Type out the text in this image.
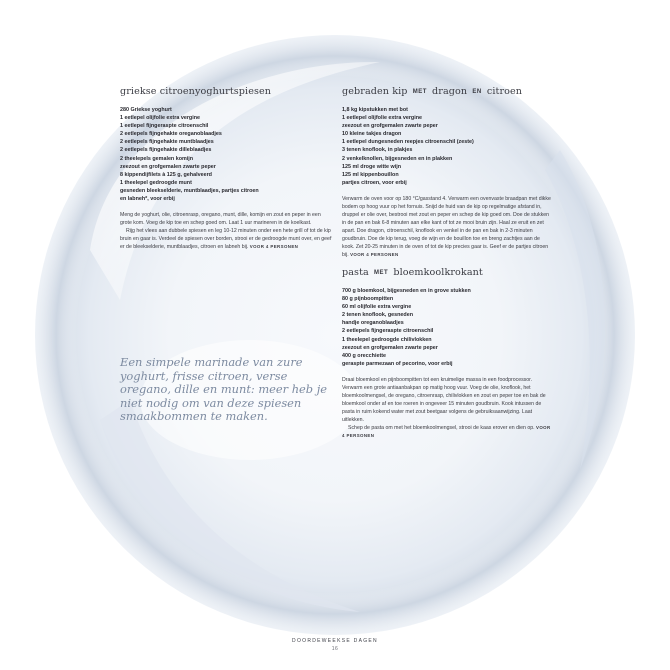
griekse citroenyoghurtspiesen

280 Griekse yoghurt
1 eetlepel olijfolie extra vergine
1 eetlepel fijngeraspte citroenschil
2 eetlepels fijngehakte oreganoblaadjes
2 eetlepels fijngehakte muntblaadjes
2 eetlepels fijngehakte dilleblaadjes
2 theelepels gemalen komijn
zeezout en grofgemalen zwarte peper
8 kippendijfilets à 125 g, gehalveerd
1 theelepel gedroogde munt
gesneden bleekselderie, muntblaadjes, partjes citroen
en labneh*, voor erbij

Meng de yoghurt, olie, citroenrasp, oregano, munt, dille, komijn en zout en peper in een grote kom. Voeg de kip toe en schep goed om. Laat 1 uur marineren in de koelkast.

Rijg het vlees aan dubbele spiesen en leg 10-12 minuten onder een hete grill of tot de kip bruin en gaar is. Verdeel de spiesen over borden, strooi er de gedroogde munt over, en geef er de bleekselderie, muntblaadjes, citroen en labneh bij. VOOR 4 PERSONEN

Een simpele marinade van zure yoghurt, frisse citroen, verse oregano, dille en munt: meer heb je niet nodig om van deze spiesen smaakbommen te maken.

gebraden kip MET dragon EN citroen

1,8 kg kipstukken met bot
1 eetlepel olijfolie extra vergine
zeezout en grofgemalen zwarte peper
10 kleine takjes dragon
1 eetlepel dungesneden reepjes citroenschil (zeste)
3 tenen knoflook, in plakjes
2 venkelknollen, bijgesneden en in plakken
125 ml droge witte wijn
125 ml kippenbouillon
partjes citroen, voor erbij

Verwarm de oven voor op 180 °C/gasstand 4. Verwarm een ovenvaste braadpan met dikke bodem op hoog vuur op het fornuis. Snijd de huid van de kip op regelmatige afstand in, druppel er olie over, bestrooi met zout en peper en schep de kip goed om. Doe de stukken in de pan en bak 6-8 minuten aan elke kant of tot ze mooi bruin zijn. Haal ze eruit en zet apart. Doe dragon, citroenschil, knoflook en venkel in de pan en bak in 2-3 minuten goudbruin. Doe de kip terug, voeg de wijn en de bouillon toe en breng zachtjes aan de kook. Zet 20-25 minuten in de oven of tot de kip precies gaar is. Geef er de partjes citroen bij. VOOR 4 PERSONEN

pasta MET bloemkoolkrokant

700 g bloemkool, bijgesneden en in grove stukken
80 g pijnboompitten
60 ml olijfolie extra vergine
2 tenen knoflook, gesneden
handje oreganoblaadjes
2 eetlepels fijngeraspte citroenschil
1 theelepel gedroogde chilivlokken
zeezout en grofgemalen zwarte peper
400 g orecchiette
geraspte parmezaan of pecorino, voor erbij

Draai bloemkool en pijnboompitten tot een kruimelige massa in een foodprocessor. Verwarm een grote antiaanbakpan op matig hoog vuur. Voeg de olie, knoflook, het bloemkoolmengsel, de oregano, citroenrasp, chilivlokken en zout en peper toe en bak de bloemkool onder af en toe roeren in ongeveer 15 minuten goudbruin. Kook intussen de pasta in ruim kokend water met zout beetgaar volgens de gebruiksaanwijzing. Laat uitlekken.

Schep de pasta om met het bloemkoolmengsel, strooi de kaas erover en dien op. VOOR 4 PERSONEN

DOORDEWEEKSE DAGEN
16
